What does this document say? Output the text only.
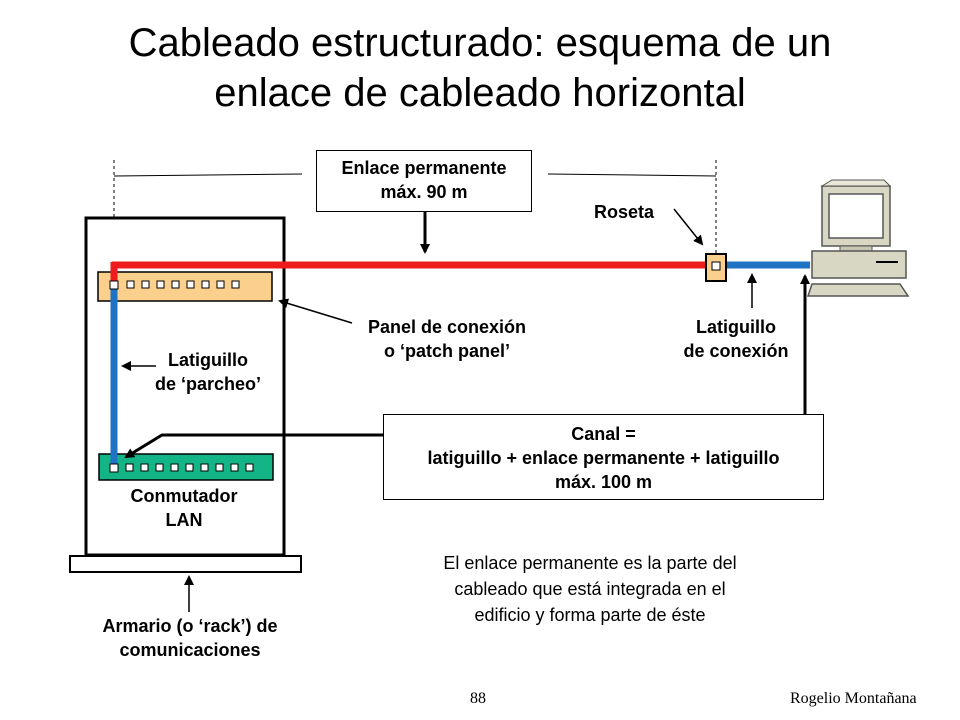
Cableado estructurado: esquema de un
enlace de cableado horizontal
Enlace permanente
máx. 90 m
Roseta
Panel de conexión
o ‘patch panel’
Latiguillo
de conexión
Latiguillo
de ‘parcheo’
Canal =
latiguillo + enlace permanente + latiguillo
máx. 100 m
Conmutador
LAN
Armario (o ‘rack’) de
comunicaciones
El enlace permanente es la parte del
cableado que está integrada en el
edificio y forma parte de éste
88	Rogelio Montañana
